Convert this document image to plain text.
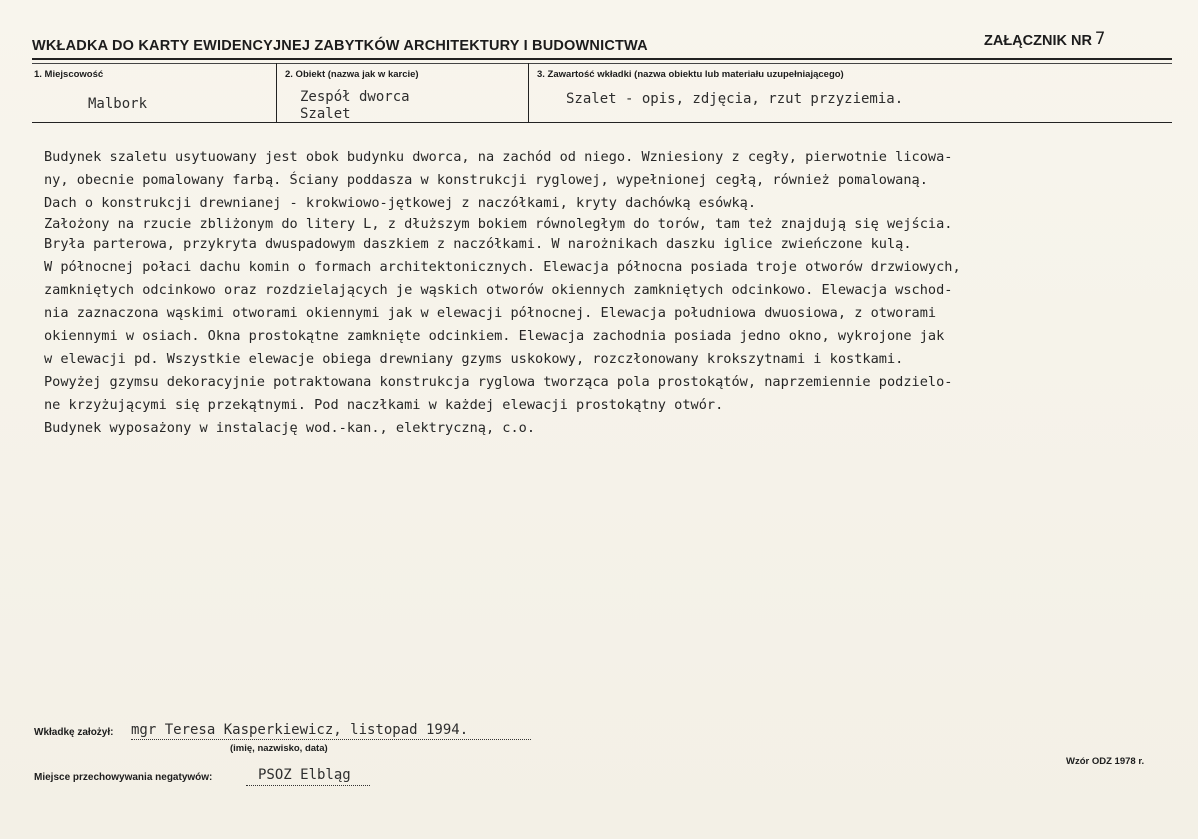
WKŁADKA DO KARTY EWIDENCYJNEJ ZABYTKÓW ARCHITEKTURY I BUDOWNICTWA	ZAŁĄCZNIK NR 7
1. Miejscowość
Malbork
2. Obiekt (nazwa jak w karcie)
Zespół dworca
Szalet
3. Zawartość wkładki (nazwa obiektu lub materiału uzupełniającego)
Szalet - opis, zdjęcia, rzut przyziemia.
Budynek szaletu usytuowany jest obok budynku dworca, na zachód od niego. Wzniesiony z cegły, pierwotnie licowa-
ny, obecnie pomalowany farbą. Ściany poddasza w konstrukcji ryglowej, wypełnionej cegłą, również pomalowaną.
Dach o konstrukcji drewnianej - krokwiowo-jętkowej z naczółkami, kryty dachówką esówką.
Założony na rzucie zbliżonym do litery L, z dłuższym bokiem równoległym do torów, tam też znajdują się wejścia.
Bryła parterowa, przykryta dwuspadowym daszkiem z naczółkami. W narożnikach daszku iglice zwieńczone kulą.
W północnej połaci dachu komin o formach architektonicznych. Elewacja północna posiada troje otworów drzwiowych,
zamkniętych odcinkowo oraz rozdzielających je wąskich otworów okiennych zamkniętych odcinkowo. Elewacja wschod-
nia zaznaczona wąskimi otworami okiennymi jak w elewacji północnej. Elewacja południowa dwuosiowa, z otworami
okiennymi w osiach. Okna prostokątne zamknięte odcinkiem. Elewacja zachodnia posiada jedno okno, wykrojone jak
w elewacji pd. Wszystkie elewacje obiega drewniany gzyms uskokowy, rozczłonowany krokszytnami i kostkami.
Powyżej gzymsu dekoracyjnie potraktowana konstrukcja ryglowa tworząca pola prostokątów, naprzemiennie podzielo-
ne krzyżującymi się przekątnymi. Pod naczłkami w każdej elewacji prostokątny otwór.
Budynek wyposażony w instalację wod.-kan., elektryczną, c.o.
Wkładkę założył: mgr Teresa Kasperkiewicz, listopad 1994.
(imię, nazwisko, data)
Miejsce przechowywania negatywów:	PSOZ Elbląg
Wzór ODZ 1978 r.
